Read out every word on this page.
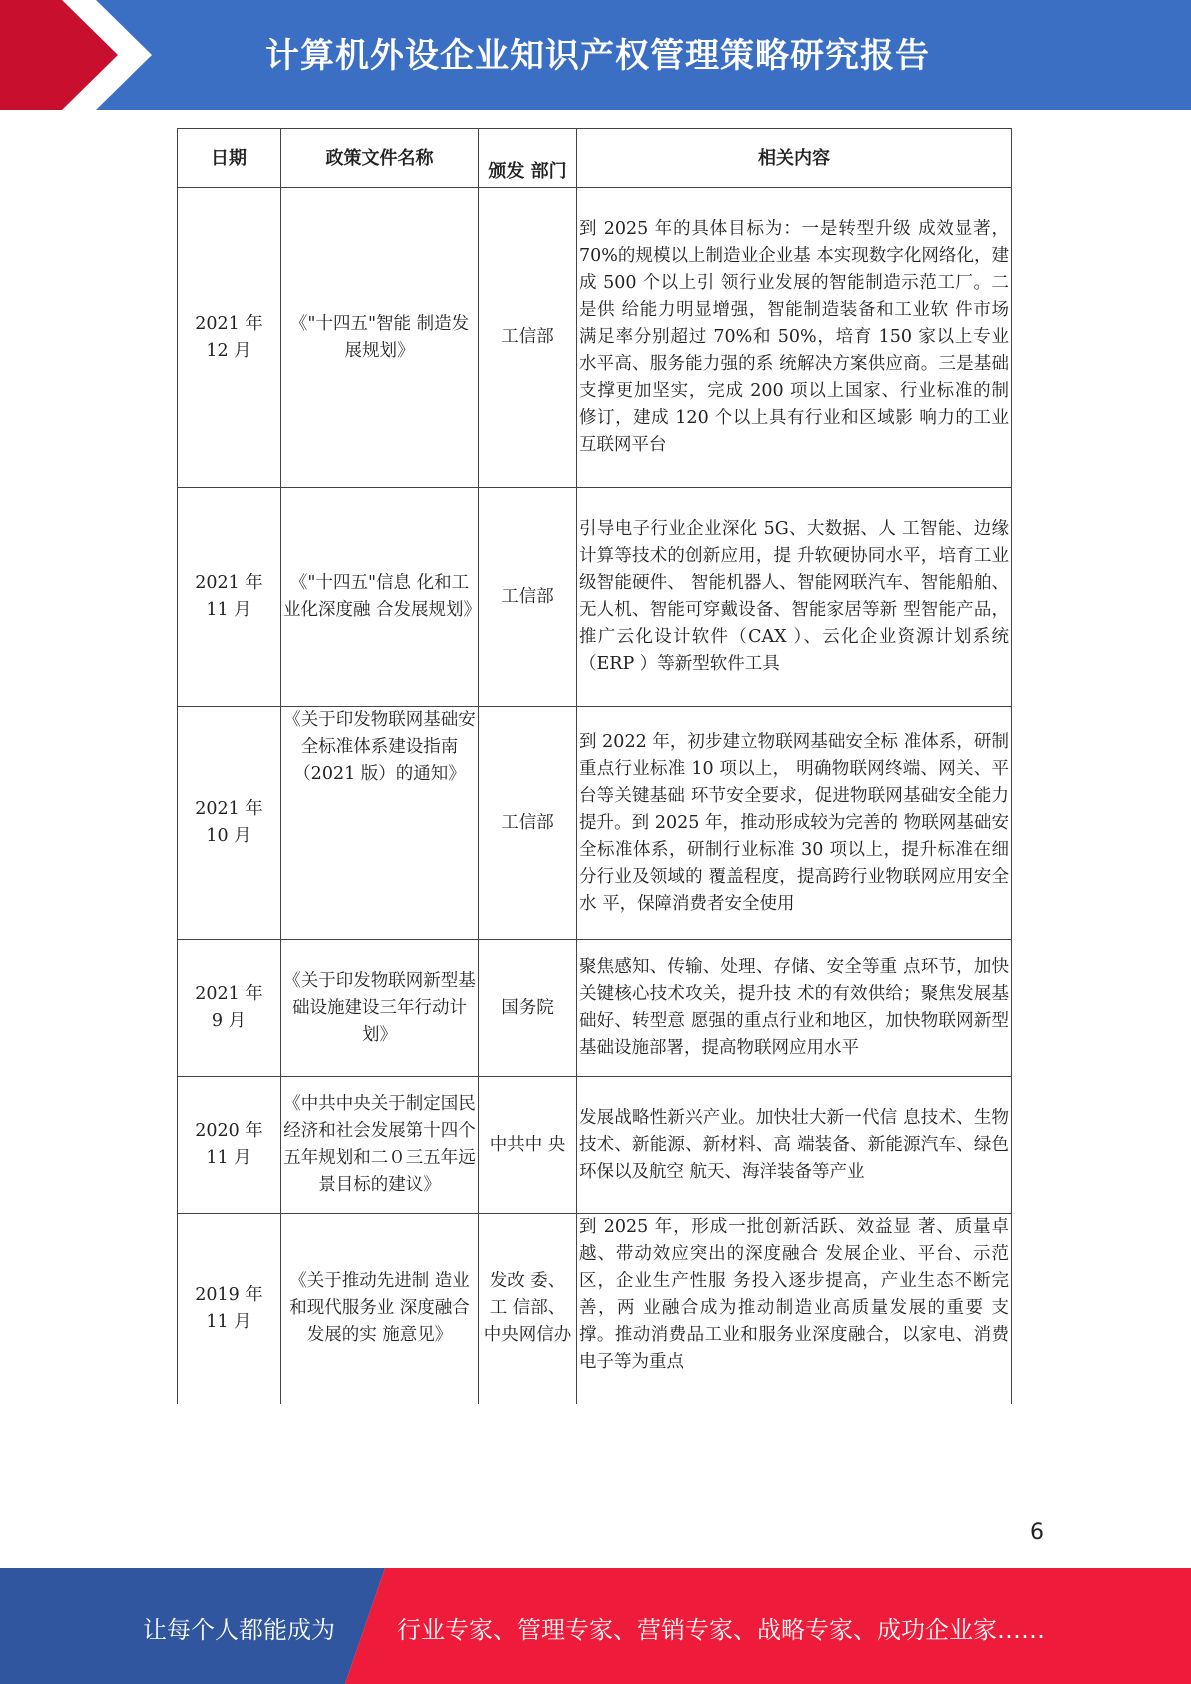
计算机外设企业知识产权管理策略研究报告
日期	政策文件名称	颁发 部门	相关内容

2021 年
12 月	《"十四五"智能 制造发展规划》	工信部	到 2025 年的具体目标为：一是转型升级 成效显著，70%的规模以上制造业企业基 本实现数字化网络化，建成 500 个以上引 领行业发展的智能制造示范工厂。二是供 给能力明显增强，智能制造装备和工业软 件市场满足率分别超过 70%和 50%，培育 150 家以上专业水平高、服务能力强的系 统解决方案供应商。三是基础支撑更加坚实，完成 200 项以上国家、行业标准的制 修订，建成 120 个以上具有行业和区域影 响力的工业互联网平台

2021 年
11 月	《"十四五"信息 化和工业化深度融 合发展规划》	工信部	引导电子行业企业深化 5G、大数据、人 工智能、边缘计算等技术的创新应用，提 升软硬协同水平，培育工业级智能硬件、 智能机器人、智能网联汽车、智能船舶、 无人机、智能可穿戴设备、智能家居等新 型智能产品，推广云化设计软件（CAX ）、云化企业资源计划系统 （ERP ）等新型软件工具

2021 年
10 月	《关于印发物联网基础安全标准体系建设指南（2021 版）的通知》	工信部	到 2022 年，初步建立物联网基础安全标 准体系，研制重点行业标准 10 项以上， 明确物联网终端、网关、平台等关键基础 环节安全要求，促进物联网基础安全能力提升。到 2025 年，推动形成较为完善的 物联网基础安全标准体系，研制行业标准 30 项以上，提升标准在细分行业及领域的 覆盖程度，提高跨行业物联网应用安全水 平，保障消费者安全使用

2021 年
9 月	《关于印发物联网新型基础设施建设三年行动计划》	国务院	聚焦感知、传输、处理、存储、安全等重 点环节，加快关键核心技术攻关，提升技 术的有效供给；聚焦发展基础好、转型意 愿强的重点行业和地区，加快物联网新型 基础设施部署，提高物联网应用水平

2020 年
11 月	《中共中央关于制定国民经济和社会发展第十四个五年规划和二０三五年远景目标的建议》	中共中 央	发展战略性新兴产业。加快壮大新一代信 息技术、生物技术、新能源、新材料、高 端装备、新能源汽车、绿色环保以及航空 航天、海洋装备等产业

2019 年
11 月	《关于推动先进制 造业和现代服务业 深度融合发展的实 施意见》	发改 委、工 信部、中央网信办	到 2025 年，形成一批创新活跃、效益显 著、质量卓越、带动效应突出的深度融合 发展企业、平台、示范区，企业生产性服 务投入逐步提高，产业生态不断完善，两 业融合成为推动制造业高质量发展的重要 支撑。推动消费品工业和服务业深度融合，以家电、消费电子等为重点
6
让每个人都能成为	行业专家、管理专家、营销专家、战略专家、成功企业家……
